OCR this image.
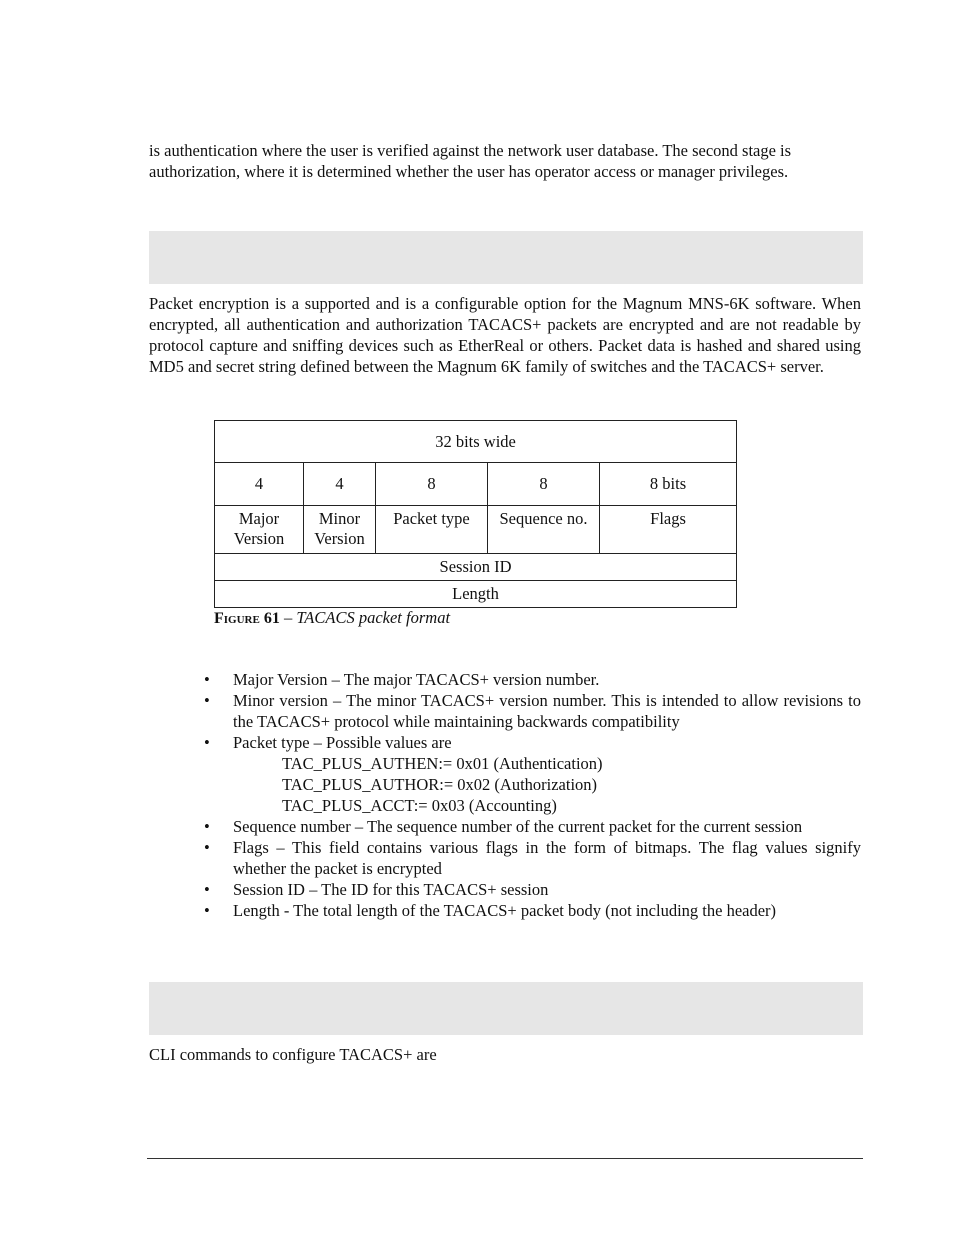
is authentication where the user is verified against the network user database. The second stage is
authorization, where it is determined whether the user has operator access or manager privileges.

Packet encryption is a supported and is a configurable option for the Magnum MNS-6K software. When encrypted, all authentication and authorization TACACS+ packets are encrypted and are not readable by protocol capture and sniffing devices such as EtherReal or others. Packet data is hashed and shared using MD5 and secret string defined between the Magnum 6K family of switches and the TACACS+ server.

32 bits wide				
4	4	8	8	8 bits
Major Version	Minor Version	Packet type	Sequence no.	Flags
Session ID				
Length				
Figure 61 – TACACS packet format
• Major Version – The major TACACS+ version number.
• Minor version – The minor TACACS+ version number. This is intended to allow revisions to the TACACS+ protocol while maintaining backwards compatibility
• Packet type – Possible values are
TAC_PLUS_AUTHEN:= 0x01 (Authentication)
TAC_PLUS_AUTHOR:= 0x02 (Authorization)
TAC_PLUS_ACCT:= 0x03 (Accounting)
• Sequence number – The sequence number of the current packet for the current session
• Flags – This field contains various flags in the form of bitmaps. The flag values signify whether the packet is encrypted
• Session ID – The ID for this TACACS+ session
• Length - The total length of the TACACS+ packet body (not including the header)

CLI commands to configure TACACS+ are
